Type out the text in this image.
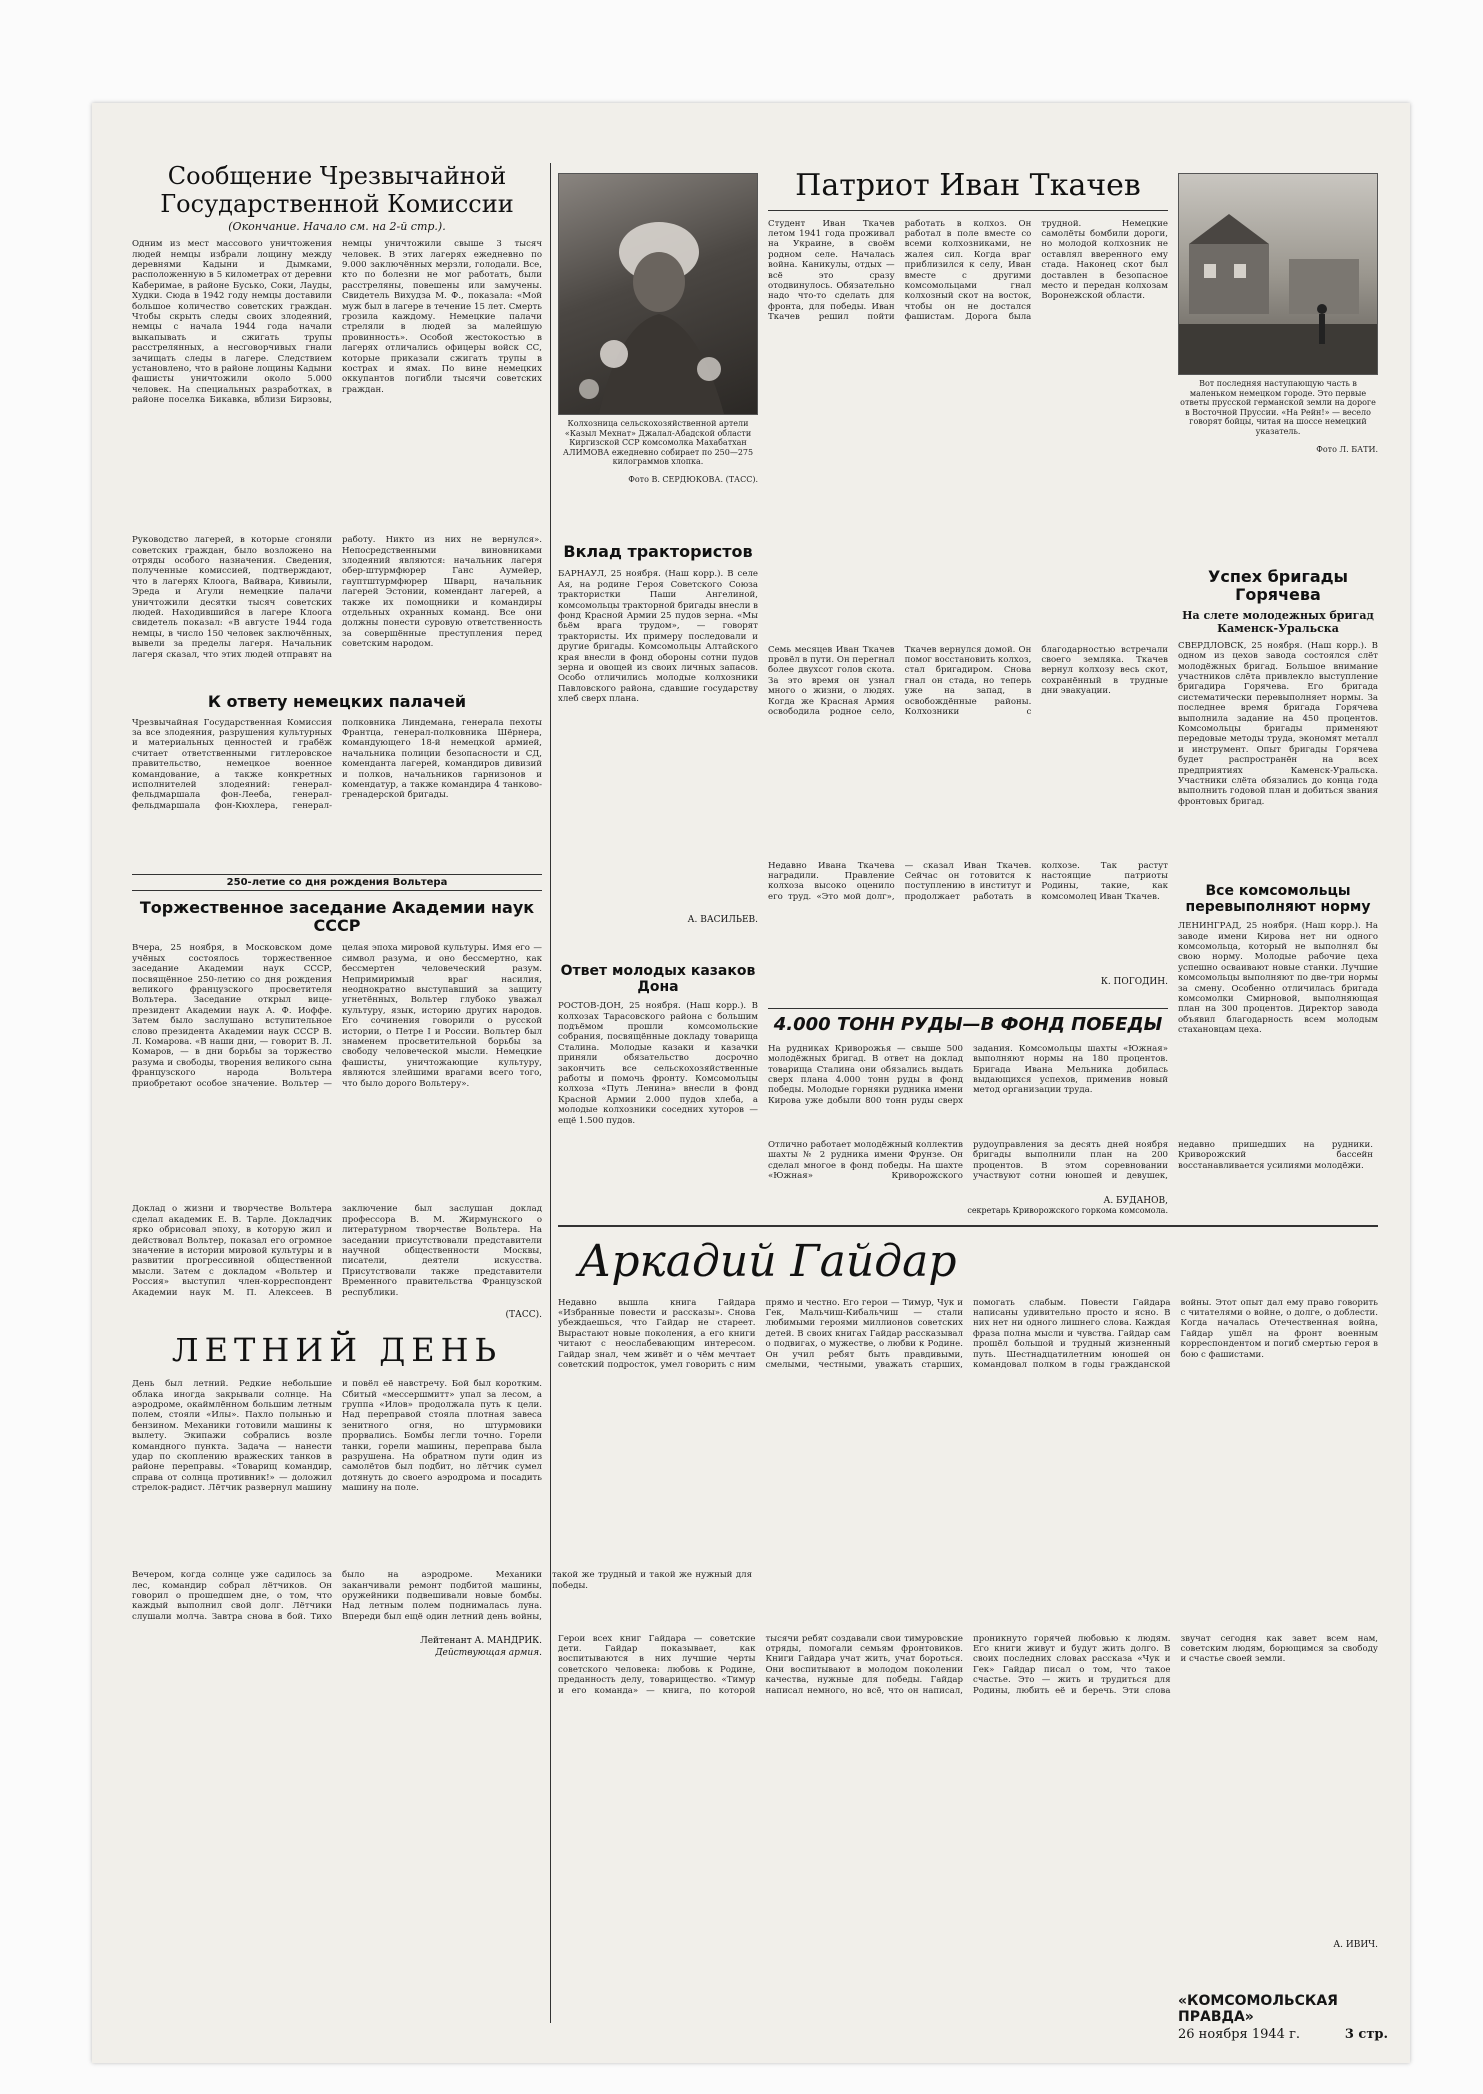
Сообщение Чрезвычайной
Государственной Комиссии

(Окончание. Начало см. на 2-й стр.).

Одним из мест массового уничтожения людей немцы избрали лощину между деревнями Кадыни и Дымками, расположенную в 5 километрах от деревни Каберимае, в районе Бусько, Соки, Лауды, Худки. Сюда в 1942 году немцы доставили большое количество советских граждан. Чтобы скрыть следы своих злодеяний, немцы с начала 1944 года начали выкапывать и сжигать трупы расстрелянных, а несговорчивых гнали зачищать следы в лагере. Следствием установлено, что в районе лощины Кадыни фашисты уничтожили около 5.000 человек. На специальных разработках, в районе поселка Бикавка, вблизи Бирзовы, немцы уничтожили свыше 3 тысяч человек. В этих лагерях ежедневно по 9.000 заключённых мерзли, голодали. Все, кто по болезни не мог работать, были расстреляны, повешены или замучены. Свидетель Вихудза М. Ф., показала: «Мой муж был в лагере в течение 15 лет. Смерть грозила каждому. Немецкие палачи стреляли в людей за малейшую провинность». Особой жестокостью в лагерях отличались офицеры войск СС, которые приказали сжигать трупы в кострах и ямах. По вине немецких оккупантов погибли тысячи советских граждан.
Руководство лагерей, в которые сгоняли советских граждан, было возложено на отряды особого назначения. Сведения, полученные комиссией, подтверждают, что в лагерях Клоога, Вайвара, Кивиыли, Эреда и Агули немецкие палачи уничтожили десятки тысяч советских людей. Находившийся в лагере Клоога свидетель показал: «В августе 1944 года немцы, в число 150 человек заключённых, вывели за пределы лагеря. Начальник лагеря сказал, что этих людей отправят на работу. Никто из них не вернулся». Непосредственными виновниками злодеяний являются: начальник лагеря обер-штурмфюрер Ганс Аумейер, гауптштурмфюрер Шварц, начальник лагерей Эстонии, комендант лагерей, а также их помощники и командиры отдельных охранных команд. Все они должны понести суровую ответственность за совершённые преступления перед советским народом.
К ответу немецких палачей
Чрезвычайная Государственная Комиссия за все злодеяния, разрушения культурных и материальных ценностей и грабёж считает ответственными гитлеровское правительство, немецкое военное командование, а также конкретных исполнителей злодеяний: генерал-фельдмаршала фон-Лееба, генерал-фельдмаршала фон-Кюхлера, генерал-полковника Линдемана, генерала пехоты Франтца, генерал-полковника Шёрнера, командующего 18-й немецкой армией, начальника полиции безопасности и СД, коменданта лагерей, командиров дивизий и полков, начальников гарнизонов и комендатур, а также командира 4 танково-гренадерской бригады.

250-летие со дня рождения Вольтера

Торжественное заседание Академии наук СССР
Вчера, 25 ноября, в Московском доме учёных состоялось торжественное заседание Академии наук СССР, посвящённое 250-летию со дня рождения великого французского просветителя Вольтера. Заседание открыл вице-президент Академии наук А. Ф. Иоффе. Затем было заслушано вступительное слово президента Академии наук СССР В. Л. Комарова. «В наши дни, — говорит В. Л. Комаров, — в дни борьбы за торжество разума и свободы, творения великого сына французского народа Вольтера приобретают особое значение. Вольтер — целая эпоха мировой культуры. Имя его — символ разума, и оно бессмертно, как бессмертен человеческий разум. Непримиримый враг насилия, неоднократно выступавший за защиту угнетённых, Вольтер глубоко уважал культуру, язык, историю других народов. Его сочинения говорили о русской истории, о Петре I и России. Вольтер был знаменем просветительной борьбы за свободу человеческой мысли. Немецкие фашисты, уничтожающие культуру, являются злейшими врагами всего того, что было дорого Вольтеру».
Доклад о жизни и творчестве Вольтера сделал академик Е. В. Тарле. Докладчик ярко обрисовал эпоху, в которую жил и действовал Вольтер, показал его огромное значение в истории мировой культуры и в развитии прогрессивной общественной мысли. Затем с докладом «Вольтер и Россия» выступил член-корреспондент Академии наук М. П. Алексеев. В заключение был заслушан доклад профессора В. М. Жирмунского о литературном творчестве Вольтера. На заседании присутствовали представители научной общественности Москвы, писатели, деятели искусства. Присутствовали также представители Временного правительства Французской республики.

(ТАСС).

ЛЕТНИЙ ДЕНЬ
День был летний. Редкие небольшие облака иногда закрывали солнце. На аэродроме, окаймлённом большим летным полем, стояли «Илы». Пахло полынью и бензином. Механики готовили машины к вылету. Экипажи собрались возле командного пункта. Задача — нанести удар по скоплению вражеских танков в районе переправы. «Товарищ командир, справа от солнца противник!» — доложил стрелок-радист. Лётчик развернул машину и повёл её навстречу. Бой был коротким. Сбитый «мессершмитт» упал за лесом, а группа «Илов» продолжала путь к цели. Над переправой стояла плотная завеса зенитного огня, но штурмовики прорвались. Бомбы легли точно. Горели танки, горели машины, переправа была разрушена. На обратном пути один из самолётов был подбит, но лётчик сумел дотянуть до своего аэродрома и посадить машину на поле.
Вечером, когда солнце уже садилось за лес, командир собрал лётчиков. Он говорил о прошедшем дне, о том, что каждый выполнил свой долг. Лётчики слушали молча. Завтра снова в бой. Тихо было на аэродроме. Механики заканчивали ремонт подбитой машины, оружейники подвешивали новые бомбы. Над летным полем поднималась луна. Впереди был ещё один летний день войны, такой же трудный и такой же нужный для победы.

Лейтенант А. МАНДРИК.

Действующая армия.

Колхозница сельскохозяйственной артели «Казыл Мехнат» Джалал-Абадской области Киргизской ССР комсомолка Махабатхан АЛИМОВА ежедневно собирает по 250—275 килограммов хлопка.

Фото В. СЕРДЮКОВА. (ТАСС).

Вклад трактористов
БАРНАУЛ, 25 ноября. (Наш корр.). В селе Ая, на родине Героя Советского Союза трактористки Паши Ангелиной, комсомольцы тракторной бригады внесли в фонд Красной Армии 25 пудов зерна. «Мы бьём врага трудом», — говорят трактористы. Их примеру последовали и другие бригады. Комсомольцы Алтайского края внесли в фонд обороны сотни пудов зерна и овощей из своих личных запасов. Особо отличились молодые колхозники Павловского района, сдавшие государству хлеб сверх плана.

А. ВАСИЛЬЕВ.

Ответ молодых казаков Дона
РОСТОВ-ДОН, 25 ноября. (Наш корр.). В колхозах Тарасовского района с большим подъёмом прошли комсомольские собрания, посвящённые докладу товарища Сталина. Молодые казаки и казачки приняли обязательство досрочно закончить все сельскохозяйственные работы и помочь фронту. Комсомольцы колхоза «Путь Ленина» внесли в фонд Красной Армии 2.000 пудов хлеба, а молодые колхозники соседних хуторов — ещё 1.500 пудов.
Патриот Иван Ткачев
Студент Иван Ткачев летом 1941 года проживал на Украине, в своём родном селе. Началась война. Каникулы, отдых — всё это сразу отодвинулось. Обязательно надо что-то сделать для фронта, для победы. Иван Ткачев решил пойти работать в колхоз. Он работал в поле вместе со всеми колхозниками, не жалея сил. Когда враг приблизился к селу, Иван вместе с другими комсомольцами гнал колхозный скот на восток, чтобы он не достался фашистам. Дорога была трудной. Немецкие самолёты бомбили дороги, но молодой колхозник не оставлял вверенного ему стада. Наконец скот был доставлен в безопасное место и передан колхозам Воронежской области.
Семь месяцев Иван Ткачев провёл в пути. Он перегнал более двухсот голов скота. За это время он узнал много о жизни, о людях. Когда же Красная Армия освободила родное село, Ткачев вернулся домой. Он помог восстановить колхоз, стал бригадиром. Снова гнал он стада, но теперь уже на запад, в освобождённые районы. Колхозники с благодарностью встречали своего земляка. Ткачев вернул колхозу весь скот, сохранённый в трудные дни эвакуации.
Недавно Ивана Ткачева наградили. Правление колхоза высоко оценило его труд. «Это мой долг», — сказал Иван Ткачев. Сейчас он готовится к поступлению в институт и продолжает работать в колхозе. Так растут настоящие патриоты Родины, такие, как комсомолец Иван Ткачев.

К. ПОГОДИН.

Вот последняя наступающую часть в маленьком немецком городе. Это первые ответы прусской германской земли на дороге в Восточной Пруссии. «На Рейн!» — весело говорят бойцы, читая на шоссе немецкий указатель.

Фото Л. БАТИ.

Успех бригады Горячева

На слете молодежных бригад Каменск-Уральска

СВЕРДЛОВСК, 25 ноября. (Наш корр.). В одном из цехов завода состоялся слёт молодёжных бригад. Большое внимание участников слёта привлекло выступление бригадира Горячева. Его бригада систематически перевыполняет нормы. За последнее время бригада Горячева выполнила задание на 450 процентов. Комсомольцы бригады применяют передовые методы труда, экономят металл и инструмент. Опыт бригады Горячева будет распространён на всех предприятиях Каменск-Уральска. Участники слёта обязались до конца года выполнить годовой план и добиться звания фронтовых бригад.
Все комсомольцы перевыполняют норму
ЛЕНИНГРАД, 25 ноября. (Наш корр.). На заводе имени Кирова нет ни одного комсомольца, который не выполнял бы свою норму. Молодые рабочие цеха успешно осваивают новые станки. Лучшие комсомольцы выполняют по две-три нормы за смену. Особенно отличилась бригада комсомолки Смирновой, выполняющая план на 300 процентов. Директор завода объявил благодарность всем молодым стахановцам цеха.
4.000 ТОНН РУДЫ—В ФОНД ПОБЕДЫ
На рудниках Криворожья — свыше 500 молодёжных бригад. В ответ на доклад товарища Сталина они обязались выдать сверх плана 4.000 тонн руды в фонд победы. Молодые горняки рудника имени Кирова уже добыли 800 тонн руды сверх задания. Комсомольцы шахты «Южная» выполняют нормы на 180 процентов. Бригада Ивана Мельника добилась выдающихся успехов, применив новый метод организации труда.
Отлично работает молодёжный коллектив шахты № 2 рудника имени Фрунзе. Он сделал многое в фонд победы. На шахте «Южная» Криворожского рудоуправления за десять дней ноября бригады выполнили план на 200 процентов. В этом соревновании участвуют сотни юношей и девушек, недавно пришедших на рудники. Криворожский бассейн восстанавливается усилиями молодёжи.

А. БУДАНОВ,

секретарь Криворожского горкома комсомола.

Аркадий Гайдар
Недавно вышла книга Гайдара «Избранные повести и рассказы». Снова убеждаешься, что Гайдар не стареет. Вырастают новые поколения, а его книги читают с неослабевающим интересом. Гайдар знал, чем живёт и о чём мечтает советский подросток, умел говорить с ним прямо и честно. Его герои — Тимур, Чук и Гек, Мальчиш-Кибальчиш — стали любимыми героями миллионов советских детей. В своих книгах Гайдар рассказывал о подвигах, о мужестве, о любви к Родине. Он учил ребят быть правдивыми, смелыми, честными, уважать старших, помогать слабым. Повести Гайдара написаны удивительно просто и ясно. В них нет ни одного лишнего слова. Каждая фраза полна мысли и чувства. Гайдар сам прошёл большой и трудный жизненный путь. Шестнадцатилетним юношей он командовал полком в годы гражданской войны. Этот опыт дал ему право говорить с читателями о войне, о долге, о доблести. Когда началась Отечественная война, Гайдар ушёл на фронт военным корреспондентом и погиб смертью героя в бою с фашистами.
Герои всех книг Гайдара — советские дети. Гайдар показывает, как воспитываются в них лучшие черты советского человека: любовь к Родине, преданность делу, товарищество. «Тимур и его команда» — книга, по которой тысячи ребят создавали свои тимуровские отряды, помогали семьям фронтовиков. Книги Гайдара учат жить, учат бороться. Они воспитывают в молодом поколении качества, нужные для победы. Гайдар написал немного, но всё, что он написал, проникнуто горячей любовью к людям. Его книги живут и будут жить долго. В своих последних словах рассказа «Чук и Гек» Гайдар писал о том, что такое счастье. Это — жить и трудиться для Родины, любить её и беречь. Эти слова звучат сегодня как завет всем нам, советским людям, борющимся за свободу и счастье своей земли.

А. ИВИЧ.

«КОМСОМОЛЬСКАЯ ПРАВДА»

26 ноября 1944 г.	3 стр.
